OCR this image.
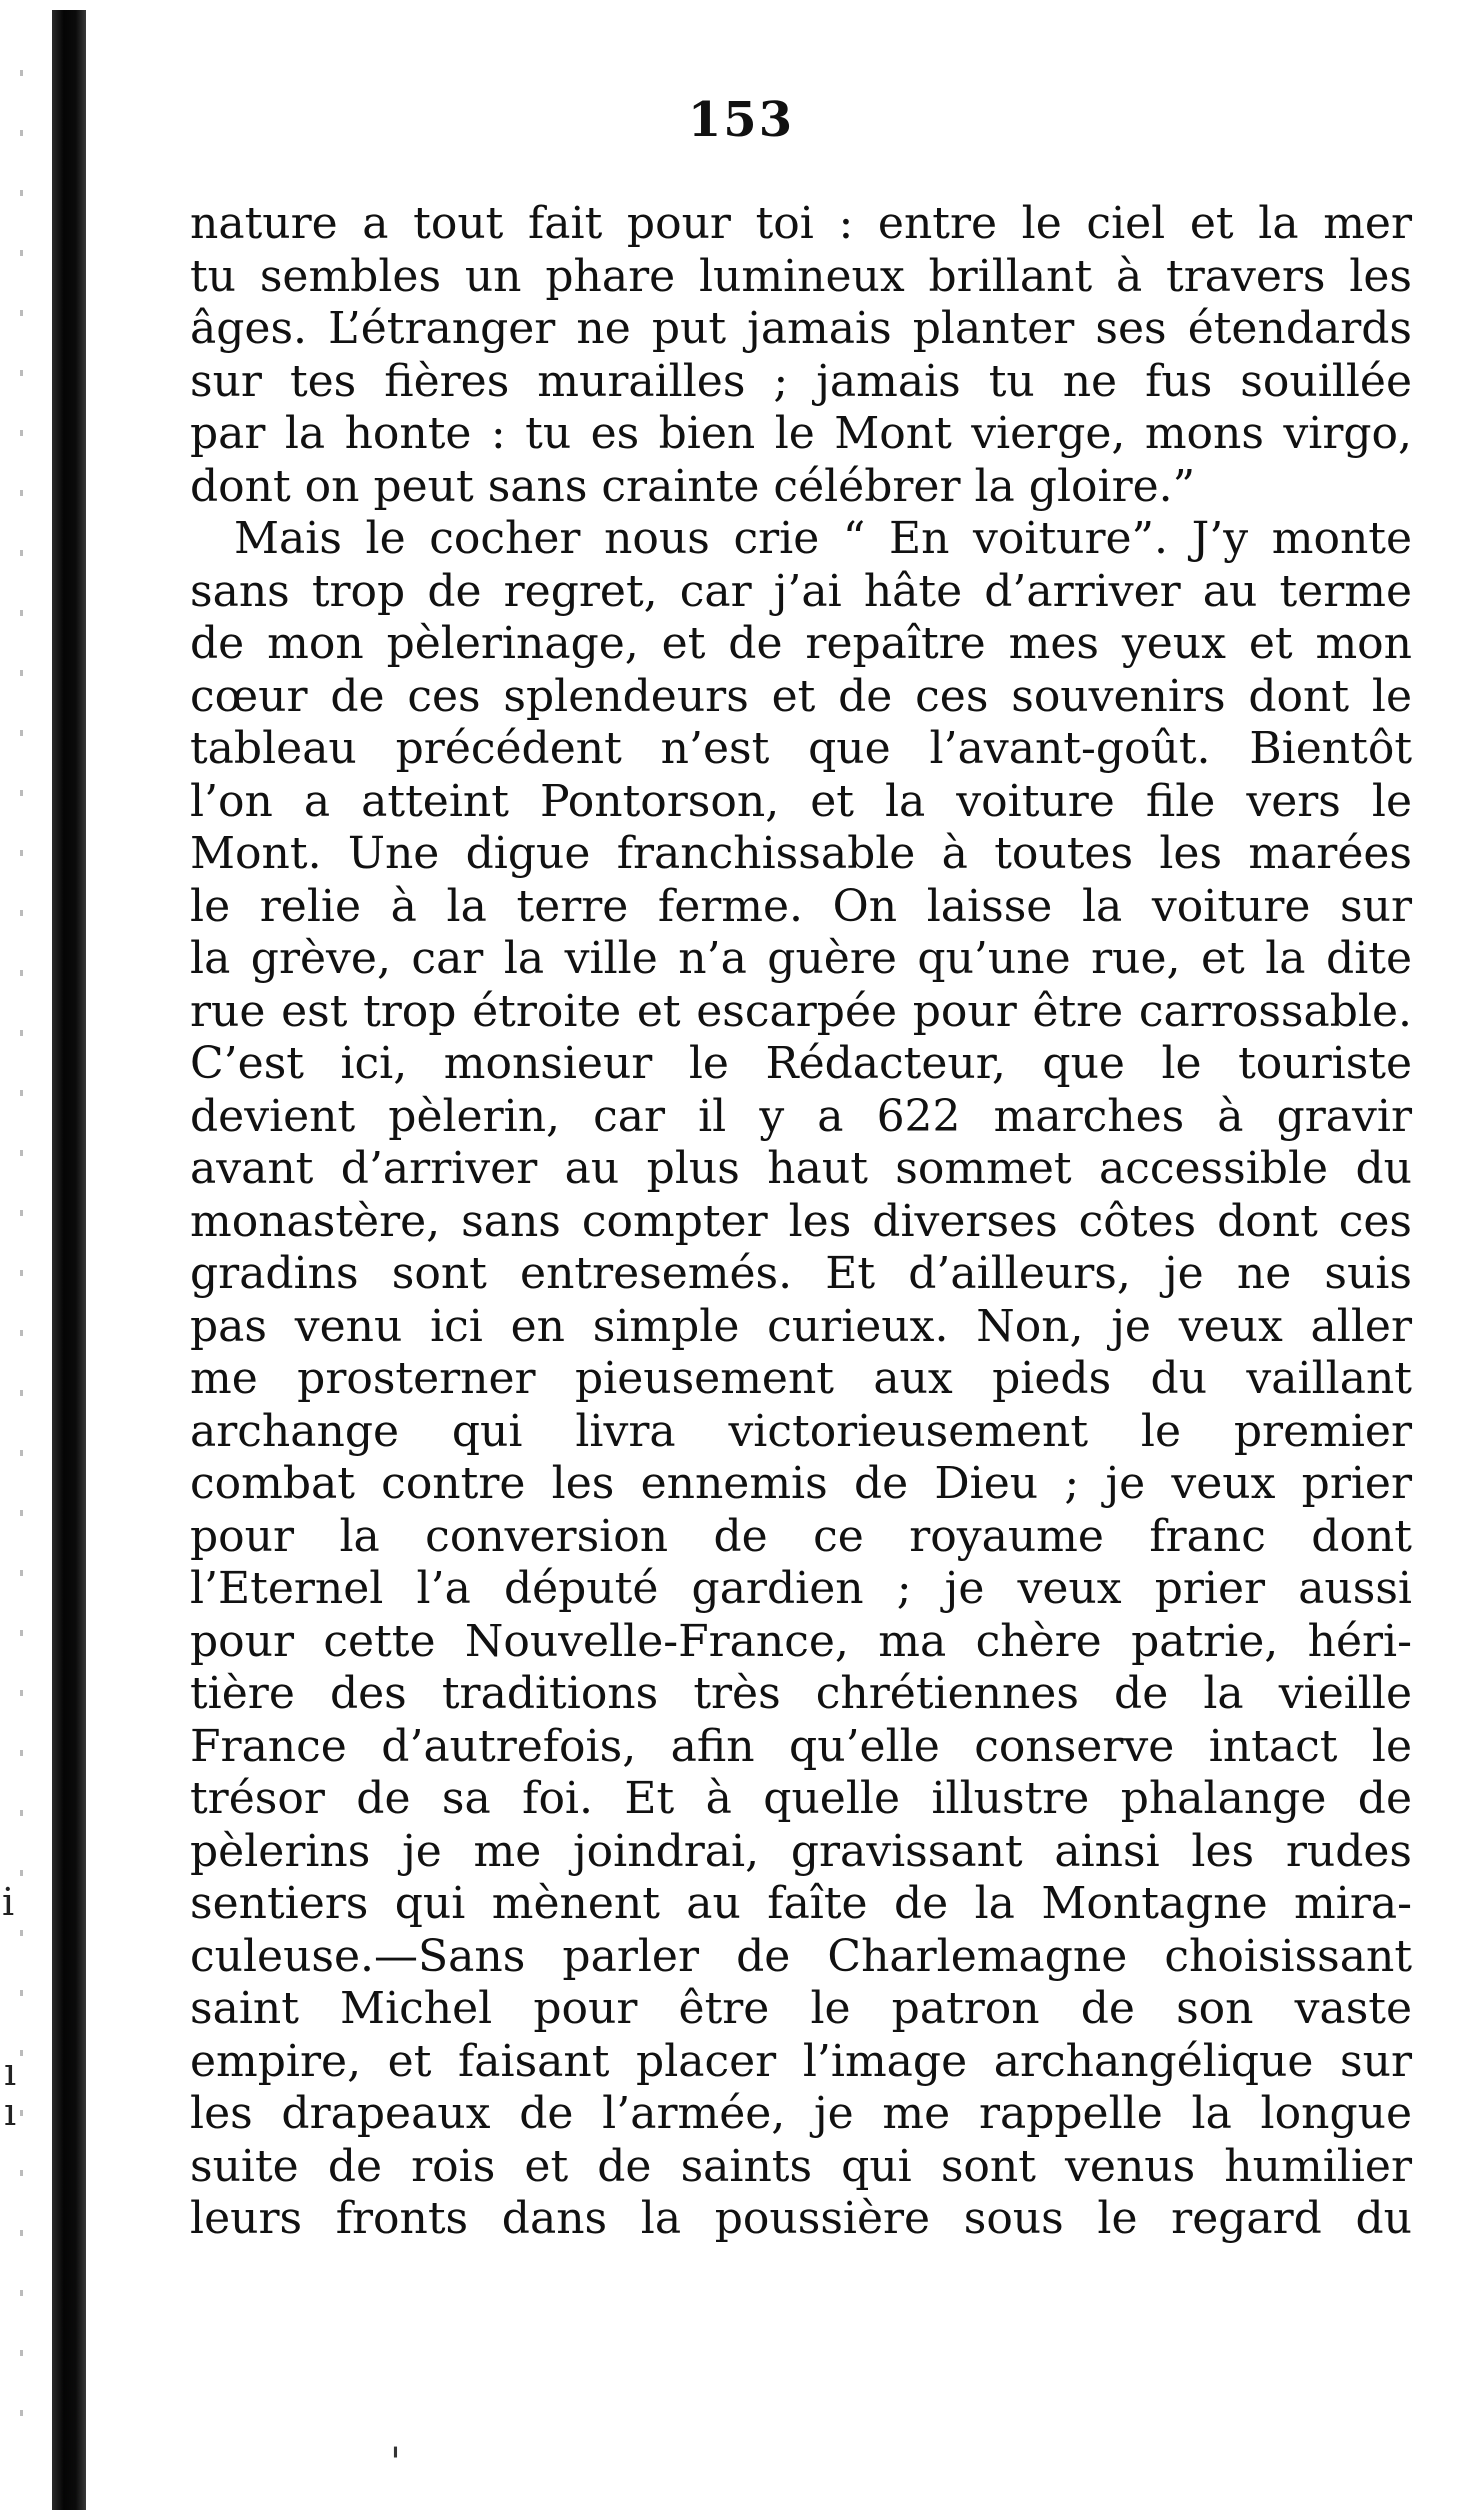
i
ı
ı
153
nature a tout fait pour toi : entre le ciel et la mer
tu sembles un phare lumineux brillant à travers les
âges. L’étranger ne put jamais planter ses étendards
sur tes fières murailles ; jamais tu ne fus souillée
par la honte : tu es bien le Mont vierge, mons virgo,
dont on peut sans crainte célébrer la gloire.”
Mais le cocher nous crie “ En voiture”. J’y monte
sans trop de regret, car j’ai hâte d’arriver au terme
de mon pèlerinage, et de repaître mes yeux et mon
cœur de ces splendeurs et de ces souvenirs dont le
tableau précédent n’est que l’avant-goût. Bientôt
l’on a atteint Pontorson, et la voiture file vers le
Mont. Une digue franchissable à toutes les marées
le relie à la terre ferme. On laisse la voiture sur
la grève, car la ville n’a guère qu’une rue, et la dite
rue est trop étroite et escarpée pour être carrossable.
C’est ici, monsieur le Rédacteur, que le touriste
devient pèlerin, car il y a 622 marches à gravir
avant d’arriver au plus haut sommet accessible du
monastère, sans compter les diverses côtes dont ces
gradins sont entresemés. Et d’ailleurs, je ne suis
pas venu ici en simple curieux. Non, je veux aller
me prosterner pieusement aux pieds du vaillant
archange qui livra victorieusement le premier
combat contre les ennemis de Dieu ; je veux prier
pour la conversion de ce royaume franc dont
l’Eternel l’a député gardien ; je veux prier aussi
pour cette Nouvelle-France, ma chère patrie, héri-
tière des traditions très chrétiennes de la vieille
France d’autrefois, afin qu’elle conserve intact le
trésor de sa foi. Et à quelle illustre phalange de
pèlerins je me joindrai, gravissant ainsi les rudes
sentiers qui mènent au faîte de la Montagne mira-
culeuse.—Sans parler de Charlemagne choisissant
saint Michel pour être le patron de son vaste
empire, et faisant placer l’image archangélique sur
les drapeaux de l’armée, je me rappelle la longue
suite de rois et de saints qui sont venus humilier
leurs fronts dans la poussière sous le regard du
'
